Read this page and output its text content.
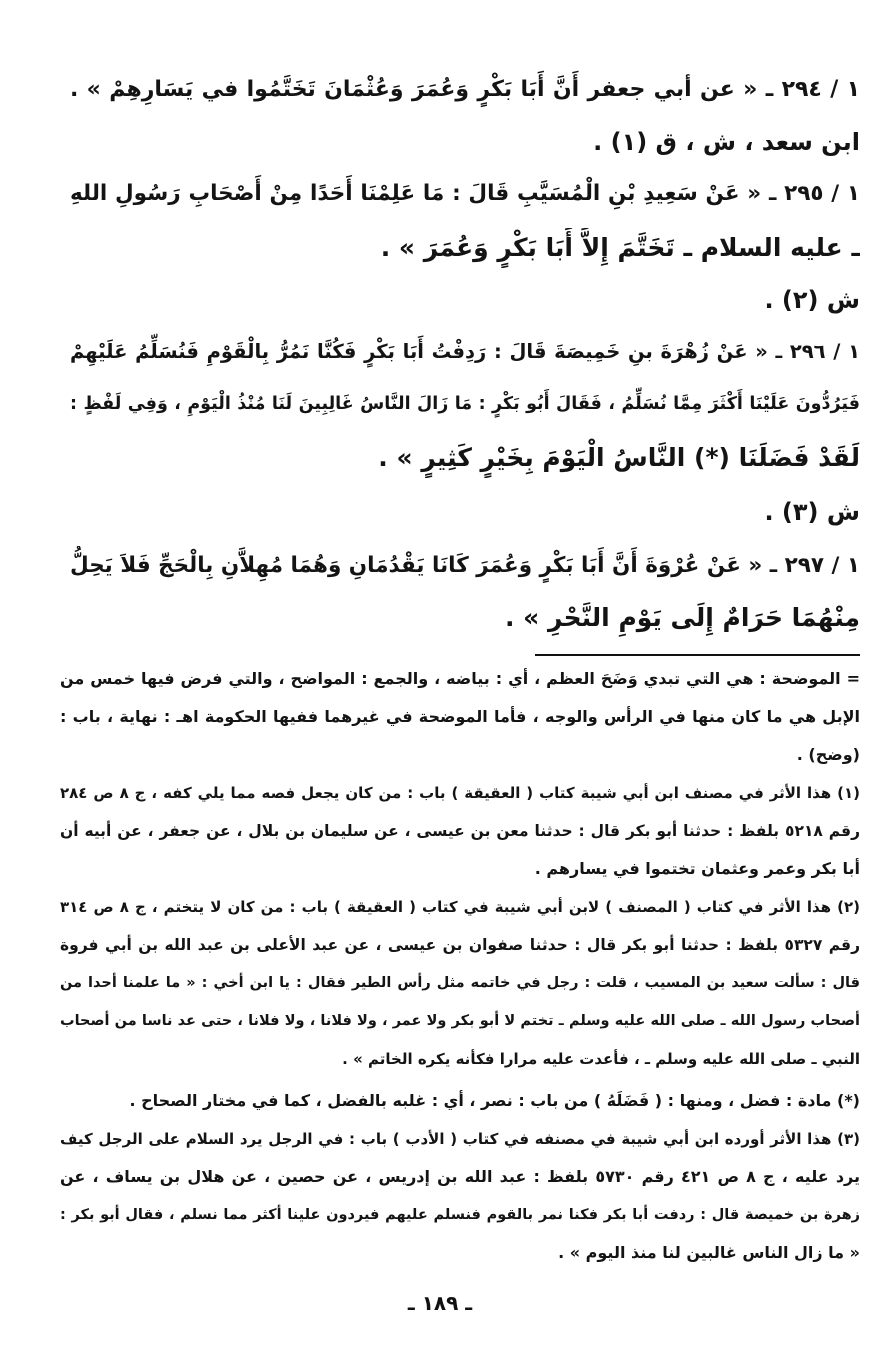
١ / ٢٩٤ ـ « عن أبي جعفر أَنَّ أَبَا بَكْرٍ وَعُمَرَ وَعُثْمَانَ تَخَتَّمُوا في يَسَارِهِمْ » .
ابن سعد ، ش ، ق (١) .
١ / ٢٩٥ ـ « عَنْ سَعِيدِ بْنِ الْمُسَيَّبِ قَالَ : مَا عَلِمْنَا أَحَدًا مِنْ أَصْحَابِ رَسُولِ اللهِ
ـ عليه السلام ـ تَخَتَّمَ إِلاَّ أَبَا بَكْرٍ وَعُمَرَ » .
ش (٢) .
١ / ٢٩٦ ـ « عَنْ زُهْرَةَ بنِ خَمِيصَةَ قَالَ : رَدِفْتُ أَبَا بَكْرٍ فَكُنَّا نَمُرُّ بِالْقَوْمِ فَنُسَلِّمُ عَلَيْهِمْ
فَيَرُدُّونَ عَلَيْنَا أَكْثَرَ مِمَّا نُسَلِّمُ ، فَقَالَ أَبُو بَكْرٍ : مَا زَالَ النَّاسُ غَالِبِينَ لَنَا مُنْذُ الْيَوْمِ ، وَفِي لَفْظٍ :
لَقَدْ فَضَلَنَا (*) النَّاسُ الْيَوْمَ بِخَيْرٍ كَثِيرٍ » .
ش (٣) .
١ / ٢٩٧ ـ « عَنْ عُرْوَةَ أَنَّ أَبَا بَكْرٍ وَعُمَرَ كَانَا يَقْدُمَانِ وَهُمَا مُهِلاَّنِ بِالْحَجِّ فَلاَ يَحِلُّ
مِنْهُمَا حَرَامٌ إِلَى يَوْمِ النَّحْرِ » .
= الموضحة : هي التي تبدي وَضَحَ العظم ، أي : بياضه ، والجمع : المواضح ، والتي فرض فيها خمس من
الإبل هي ما كان منها في الرأس والوجه ، فأما الموضحة في غيرهما ففيها الحكومة اهـ : نهاية ، باب :
(وضح) .
(١) هذا الأثر في مصنف ابن أبي شيبة كتاب ( العقيقة ) باب : من كان يجعل فصه مما يلي كفه ، ج ٨ ص ٢٨٤
رقم ٥٢١٨ بلفظ : حدثنا أبو بكر قال : حدثنا معن بن عيسى ، عن سليمان بن بلال ، عن جعفر ، عن أبيه أن
أبا بكر وعمر وعثمان تختموا في يسارهم .
(٢) هذا الأثر في كتاب ( المصنف ) لابن أبي شيبة في كتاب ( العقيقة ) باب : من كان لا يتختم ، ج ٨ ص ٣١٤
رقم ٥٣٢٧ بلفظ : حدثنا أبو بكر قال : حدثنا صفوان بن عيسى ، عن عبد الأعلى بن عبد الله بن أبي فروة
قال : سألت سعيد بن المسيب ، قلت : رجل في خاتمه مثل رأس الطير فقال : يا ابن أخي : « ما علمنا أحدا من
أصحاب رسول الله ـ صلى الله عليه وسلم ـ تختم لا أبو بكر ولا عمر ، ولا فلانا ، ولا فلانا ، حتى عد ناسا من أصحاب
النبي ـ صلى الله عليه وسلم ـ ، فأعدت عليه مرارا فكأنه يكره الخاتم » .
(*) مادة : فضل ، ومنها : ( فَضَلَهُ ) من باب : نصر ، أي : غلبه بالفضل ، كما في مختار الصحاح .
(٣) هذا الأثر أورده ابن أبي شيبة في مصنفه في كتاب ( الأدب ) باب : في الرجل يرد السلام على الرجل كيف
يرد عليه ، ج ٨ ص ٤٢١ رقم ٥٧٣٠ بلفظ : عبد الله بن إدريس ، عن حصين ، عن هلال بن يساف ، عن
زهرة بن خميصة قال : ردفت أبا بكر فكنا نمر بالقوم فنسلم عليهم فيردون علينا أكثر مما نسلم ، فقال أبو بكر :
« ما زال الناس غالبين لنا منذ اليوم » .
ـ ١٨٩ ـ
